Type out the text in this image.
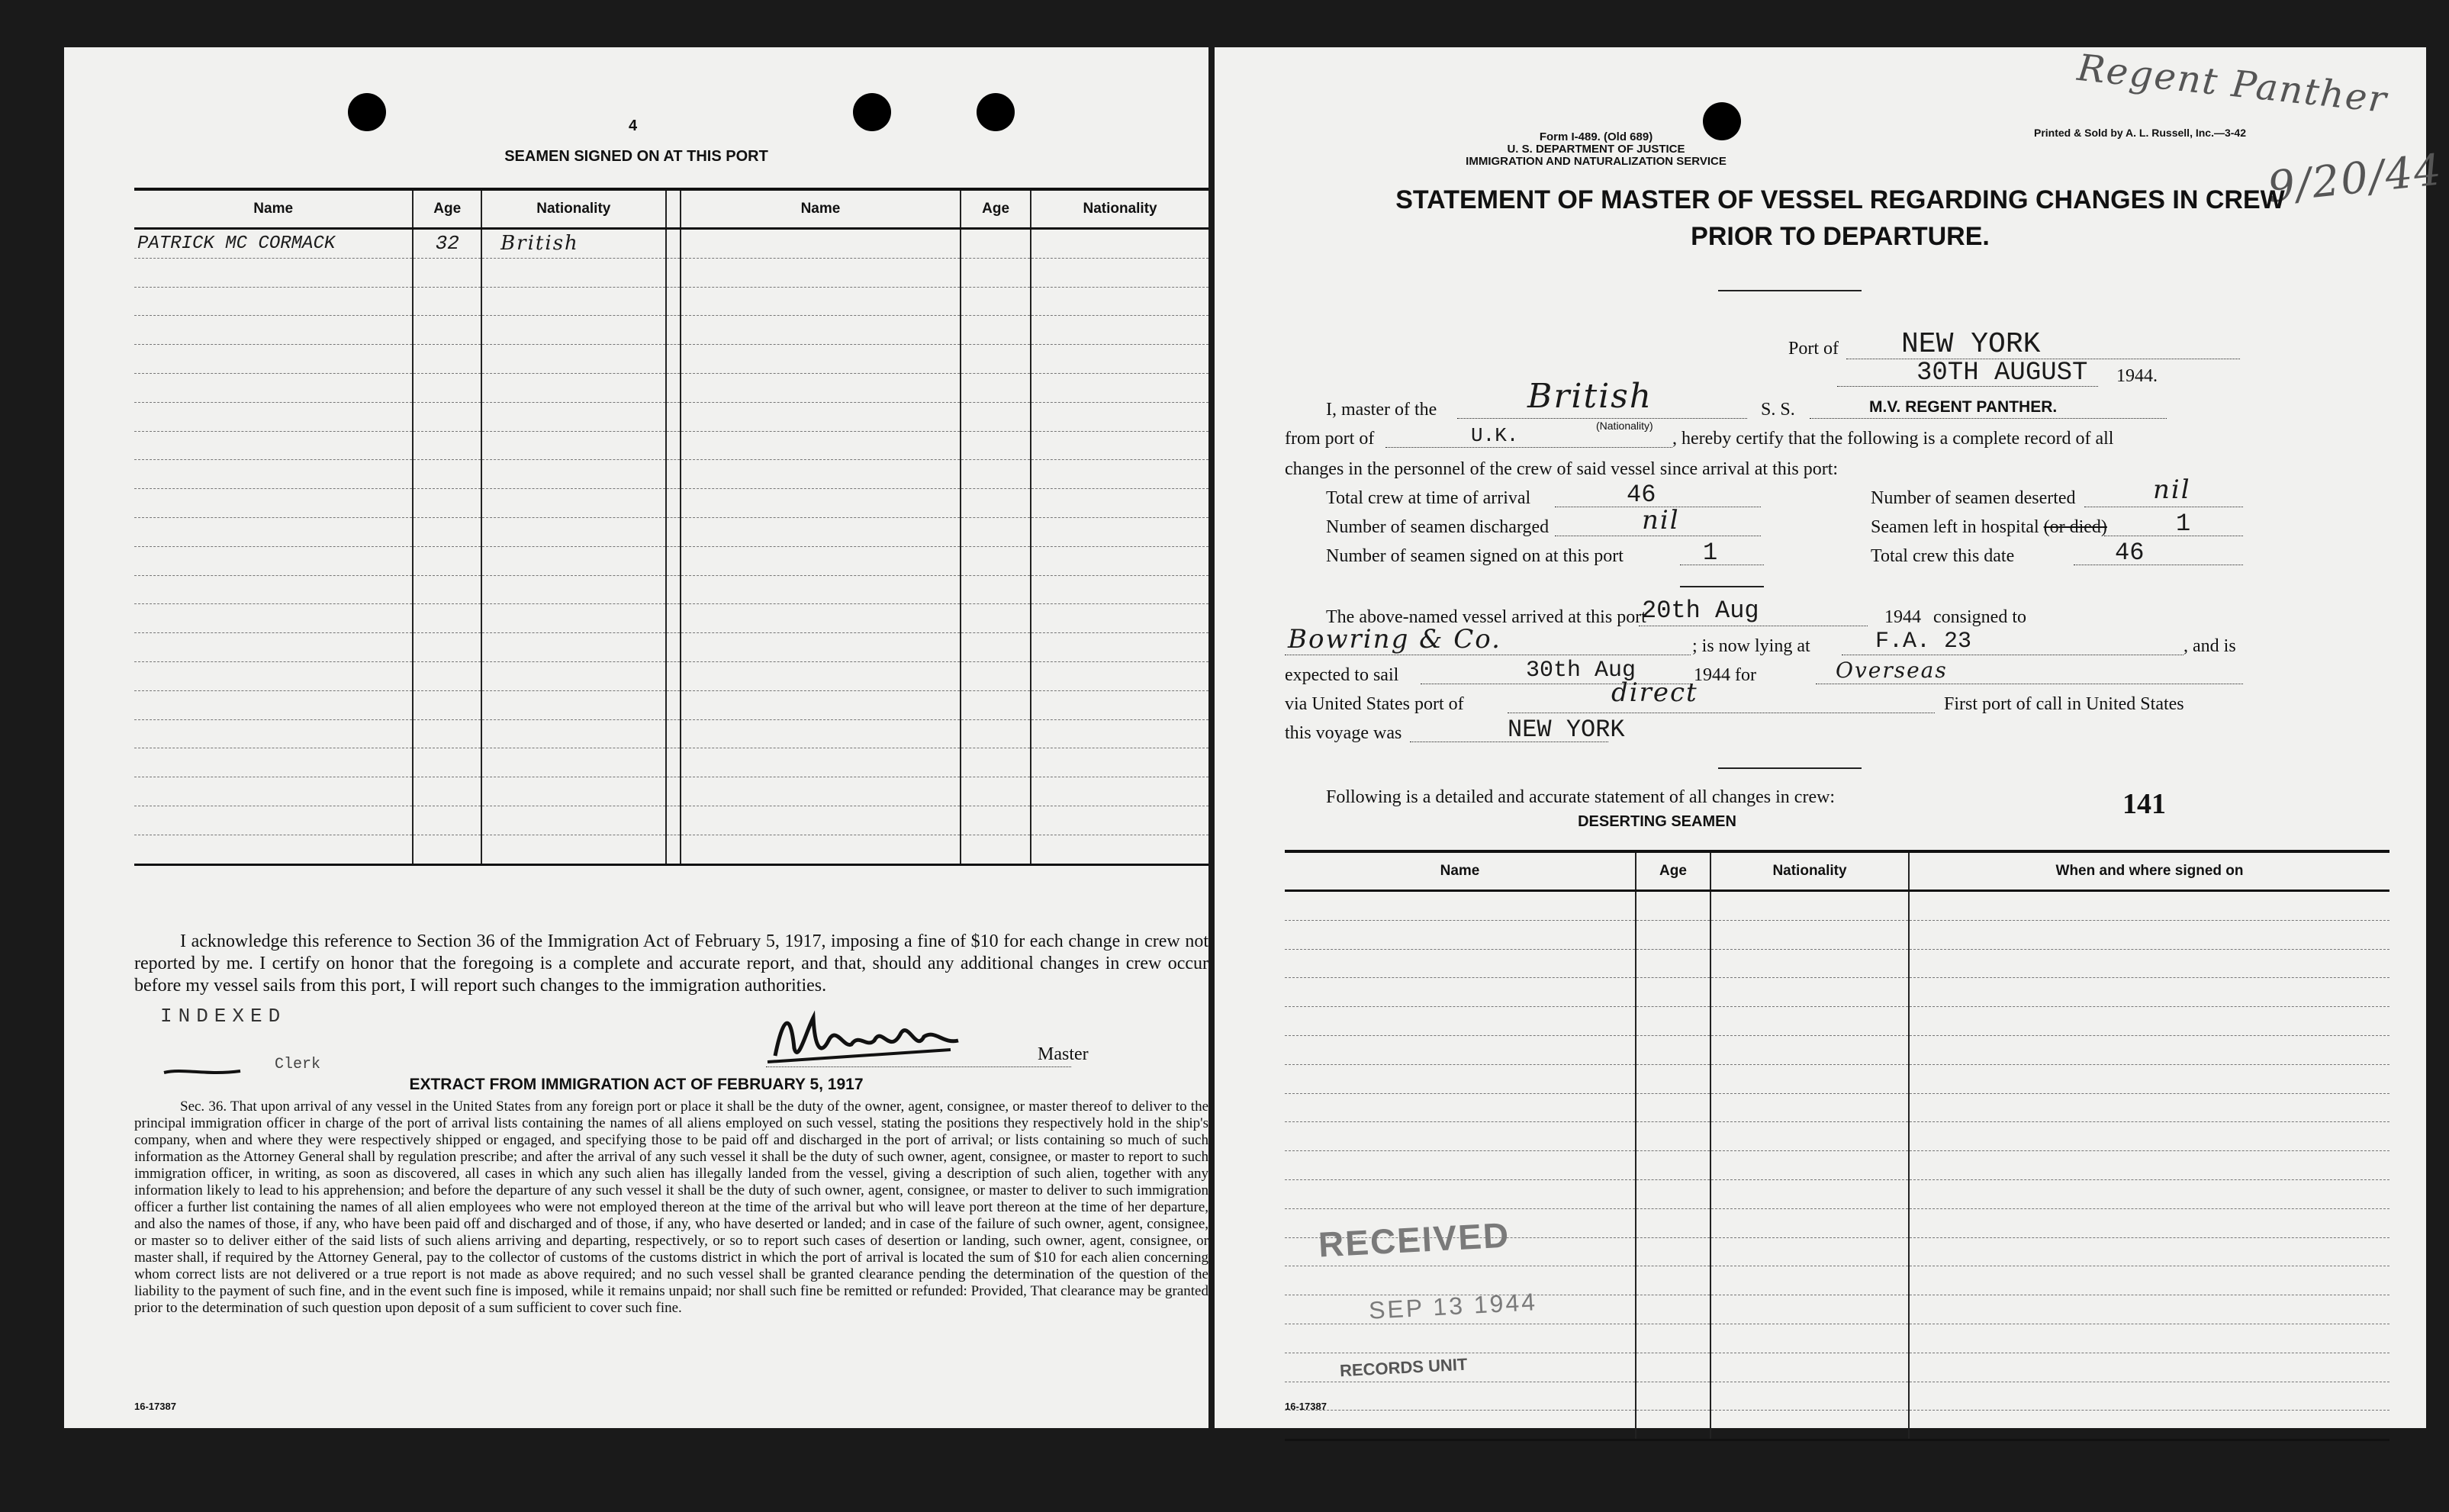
4
SEAMEN SIGNED ON AT THIS PORT
Name	Age	Nationality		Name	Age	Nationality
PATRICK MC CORMACK	32	British				

I acknowledge this reference to Section 36 of the Immigration Act of February 5, 1917, imposing a fine of $10 for each change in crew not reported by me. I certify on honor that the foregoing is a complete and accurate report, and that, should any additional changes in crew occur before my vessel sails from this port, I will report such changes to the immigration authorities.
INDEXED
Master
Clerk
EXTRACT FROM IMMIGRATION ACT OF FEBRUARY 5, 1917
Sec. 36. That upon arrival of any vessel in the United States from any foreign port or place it shall be the duty of the owner, agent, consignee, or master thereof to deliver to the principal immigration officer in charge of the port of arrival lists containing the names of all aliens employed on such vessel, stating the positions they respectively hold in the ship's company, when and where they were respectively shipped or engaged, and specifying those to be paid off and discharged in the port of arrival; or lists containing so much of such information as the Attorney General shall by regulation prescribe; and after the arrival of any such vessel it shall be the duty of such owner, agent, consignee, or master to report to such immigration officer, in writing, as soon as discovered, all cases in which any such alien has illegally landed from the vessel, giving a description of such alien, together with any information likely to lead to his apprehension; and before the departure of any such vessel it shall be the duty of such owner, agent, consignee, or master to deliver to such immigration officer a further list containing the names of all alien employees who were not employed thereon at the time of the arrival but who will leave port thereon at the time of her departure, and also the names of those, if any, who have been paid off and discharged and of those, if any, who have deserted or landed; and in case of the failure of such owner, agent, consignee, or master so to deliver either of the said lists of such aliens arriving and departing, respectively, or so to report such cases of desertion or landing, such owner, agent, consignee, or master shall, if required by the Attorney General, pay to the collector of customs of the customs district in which the port of arrival is located the sum of $10 for each alien concerning whom correct lists are not delivered or a true report is not made as above required; and no such vessel shall be granted clearance pending the determination of the question of the liability to the payment of such fine, and in the event such fine is imposed, while it remains unpaid; nor shall such fine be remitted or refunded: Provided, That clearance may be granted prior to the determination of such question upon deposit of a sum sufficient to cover such fine.
16-17387
Regent Panther
9/20/44
Form I-489. (Old 689)
U. S. DEPARTMENT OF JUSTICE
IMMIGRATION AND NATURALIZATION SERVICE
Printed & Sold by A. L. Russell, Inc.—3-42
STATEMENT OF MASTER OF VESSEL REGARDING CHANGES IN CREW
PRIOR TO DEPARTURE.
Port of NEW YORK
30TH AUGUST 1944.
I, master of the	British
(Nationality)
S. S.	M.V. REGENT PANTHER.
from port of	U.K.	, hereby certify that the following is a complete record of all
changes in the personnel of the crew of said vessel since arrival at this port:
Total crew at time of arrival	46
Number of seamen discharged	nil
Number of seamen signed on at this port	1
Number of seamen deserted	nil
Seamen left in hospital (or died)	1
Total crew this date	46
The above-named vessel arrived at this port
20th Aug	1944 consigned to
Bowring & Co.	; is now lying at	F.A. 23	, and is
expected to sail	30th Aug	1944 for	Overseas
via United States port of	direct	First port of call in United States
this voyage was	NEW YORK
Following is a detailed and accurate statement of all changes in crew:
DESERTING SEAMEN
141
Name	Age	Nationality	When and where signed on

RECEIVED
SEP 13 1944
RECORDS UNIT
16-17387
